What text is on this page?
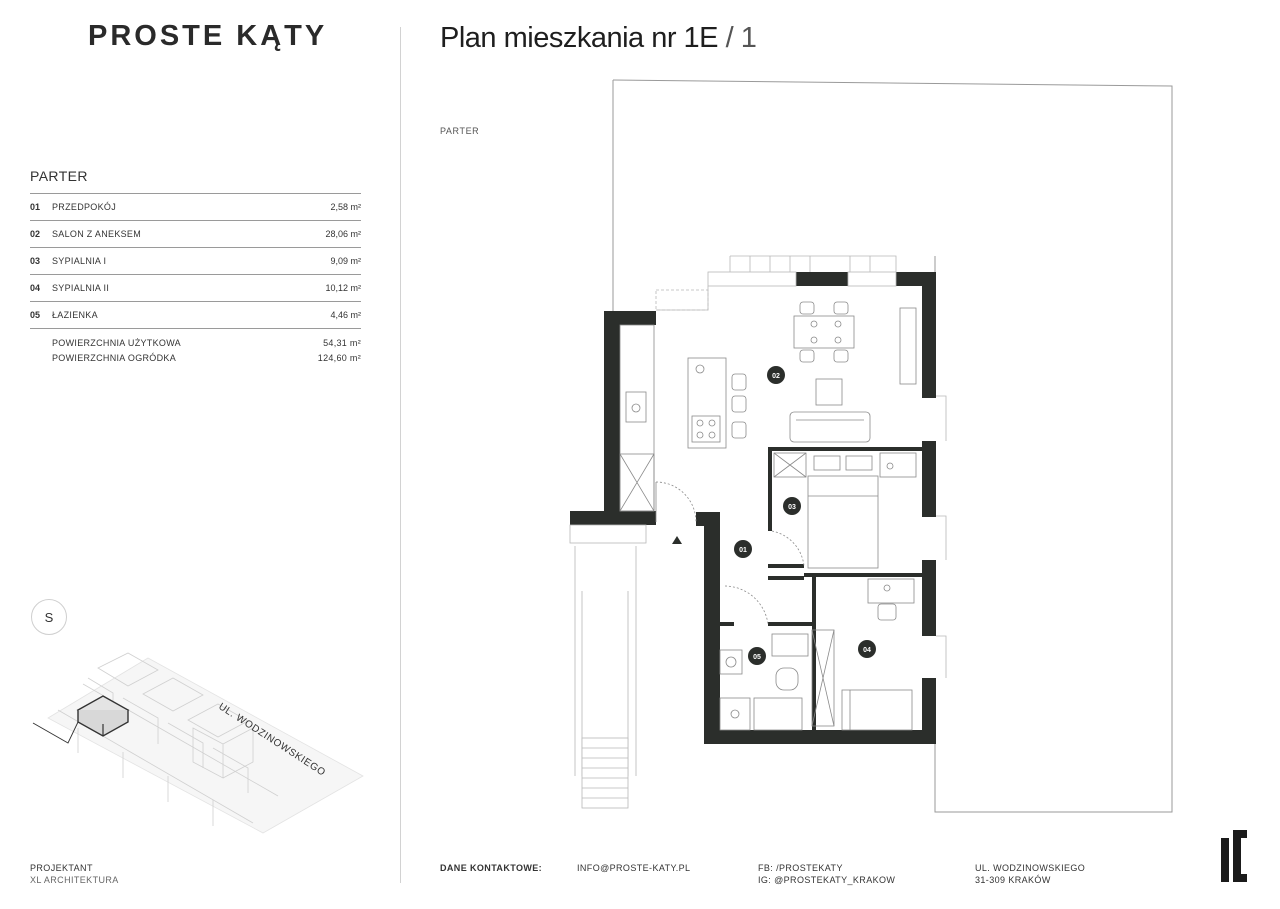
PROSTE KĄTY	Plan mieszkania nr 1E / 1
PARTER
PARTER
01	PRZEDPOKÓJ	2,58 m²
02	SALON Z ANEKSEM	28,06 m²
03	SYPIALNIA I	9,09 m²
04	SYPIALNIA II	10,12 m²
05	ŁAZIENKA	4,46 m²
POWIERZCHNIA UŻYTKOWA	54,31 m²
POWIERZCHNIA OGRÓDKA	124,60 m²
S
UL. WODZINOWSKIEGO
01
02
03
04
05
PROJEKTANT
XL ARCHITEKTURA
DANE KONTAKTOWE:	INFO@PROSTE-KATY.PL	FB: /PROSTEKATY
IG: @PROSTEKATY_KRAKOW
UL. WODZINOWSKIEGO
31-309 KRAKÓW
